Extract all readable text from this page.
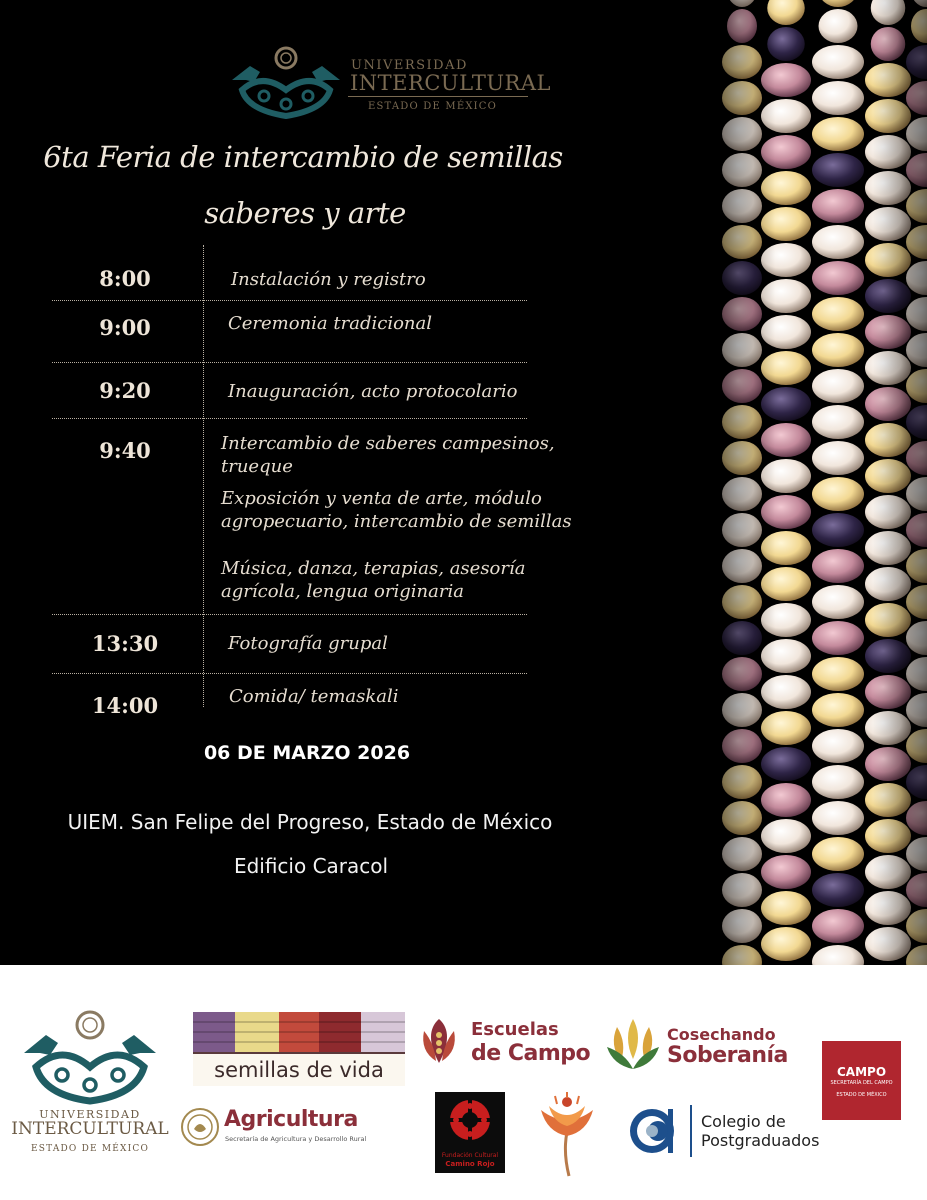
UNIVERSIDAD
INTERCULTURAL
ESTADO DE MÉXICO
6ta Feria de intercambio de semillas
saberes y arte
8:00	Instalación y registro
9:00	Ceremonia tradicional
9:20	Inauguración, acto protocolario
9:40	Intercambio de saberes campesinos,
trueque
Exposición y venta de arte, módulo
agropecuario, intercambio de semillas
Música, danza, terapias, asesoría
agrícola, lengua originaria
13:30	Fotografía grupal
14:00	Comida/ temaskali
06 DE MARZO 2026
UIEM. San Felipe del Progreso, Estado de México
Edificio Caracol
UNIVERSIDAD
INTERCULTURAL
ESTADO DE MÉXICO
semillas de vida
Escuelas
de Campo
Cosechando
Soberanía
CAMPO
SECRETARÍA DEL CAMPO
ESTADO DE MÉXICO
Agricultura
Secretaría de Agricultura y Desarrollo Rural
Fundación Cultural
Camino Rojo
Colegio de
Postgraduados
